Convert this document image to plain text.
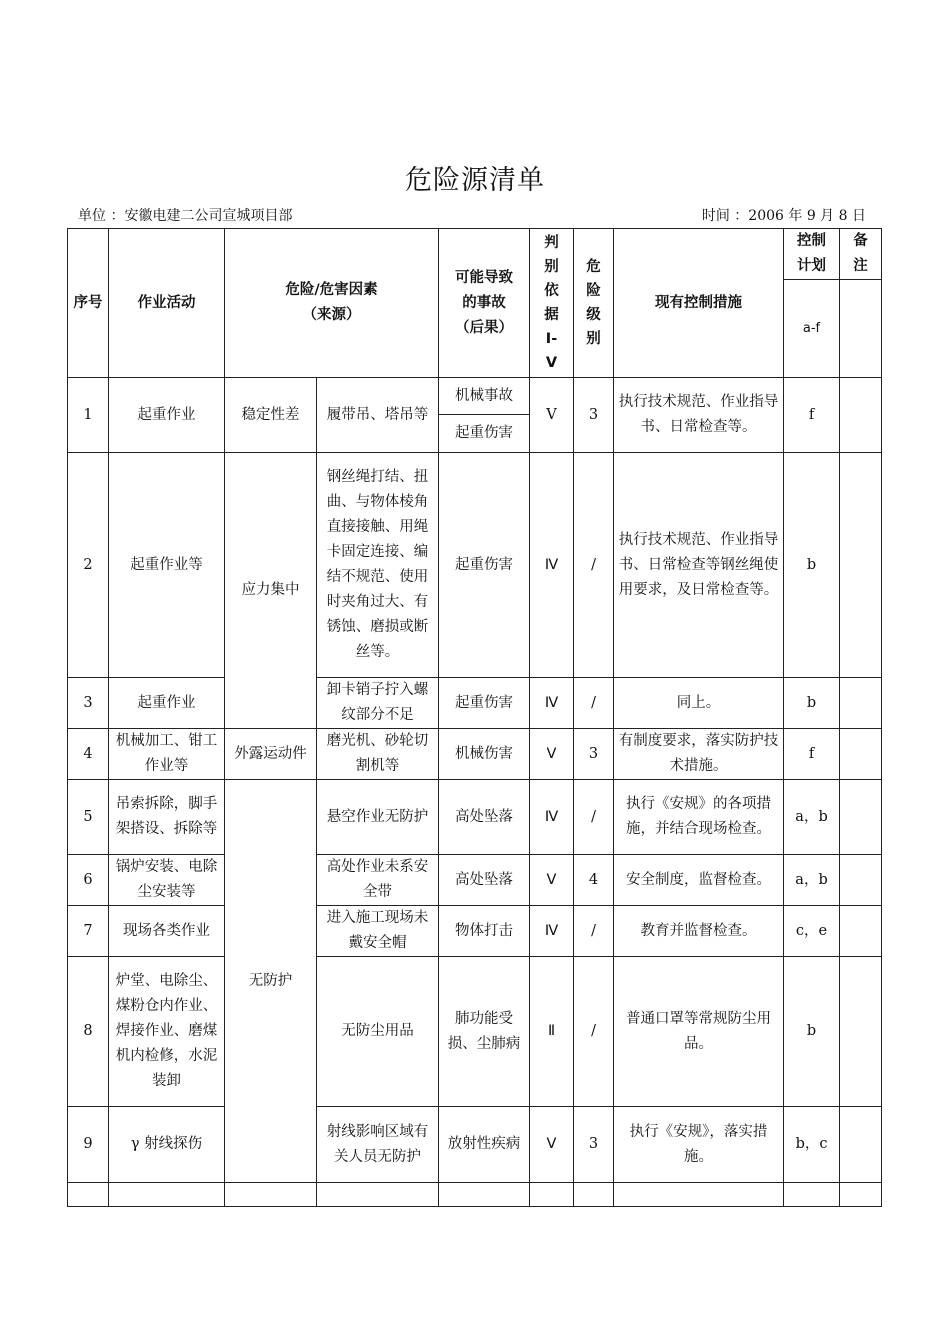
危险源清单
单位 ：安徽电建二公司宣城项目部	时间 ：2006 年 9 月 8 日
序号	作业活动	危险/危害因素（来源）		可能导致的事故（后果）	判别依据Ⅰ-Ⅴ	危险级别	现有控制措施	控制计划	备注
								a-f	
1	起重作业	稳定性差	履带吊、塔吊等	机械事故	Ⅴ	3	执行技术规范、作业指导书、日常检查等。	f	
				起重伤害					
2	起重作业等	应力集中	钢丝绳打结、扭曲、与物体棱角直接接触、用绳卡固定连接、编结不规范、使用时夹角过大、有锈蚀、磨损或断丝等。	起重伤害	Ⅳ	/	执行技术规范、作业指导书、日常检查等钢丝绳使用要求，及日常检查等。	b	
3	起重作业		卸卡销子拧入螺纹部分不足	起重伤害	Ⅳ	/	同上。	b	
4	机械加工、钳工作业等	外露运动件	磨光机、砂轮切割机等	机械伤害	Ⅴ	3	有制度要求，落实防护技术措施。	f	
5	吊索拆除，脚手架搭设、拆除等	无防护	悬空作业无防护	高处坠落	Ⅳ	/	执行《安规》的各项措施，并结合现场检查。	a，b	
6	锅炉安装、电除尘安装等		高处作业未系安全带	高处坠落	Ⅴ	4	安全制度，监督检查。	a，b	
7	现场各类作业		进入施工现场未戴安全帽	物体打击	Ⅳ	/	教育并监督检查。	c，e	
8	炉堂、电除尘、煤粉仓内作业、焊接作业、磨煤机内检修，水泥装卸		无防尘用品	肺功能受损、尘肺病	Ⅱ	/	普通口罩等常规防尘用品。	b	
9	γ 射线探伤		射线影响区域有关人员无防护	放射性疾病	Ⅴ	3	执行《安规》，落实措施。	b，c	
